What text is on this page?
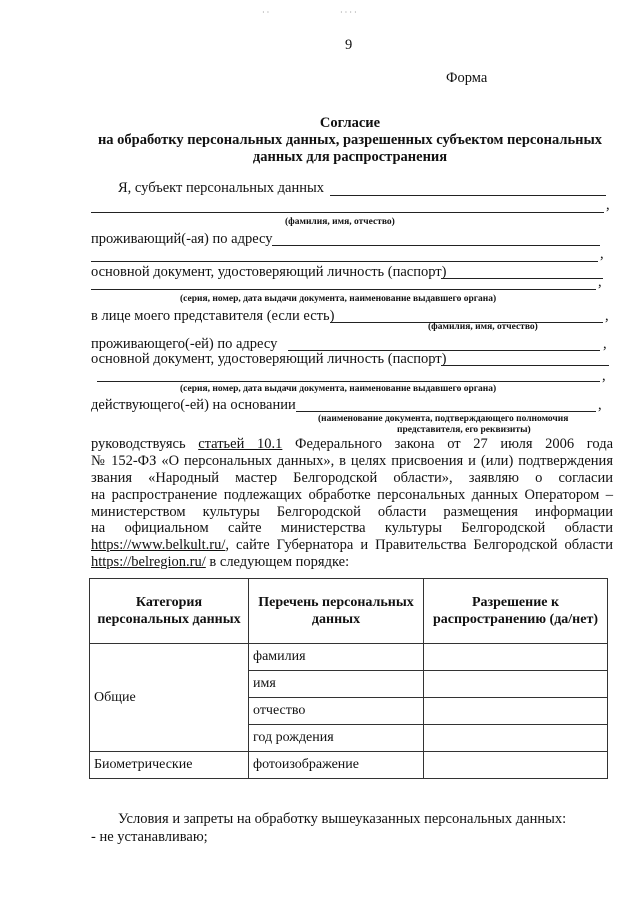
· ·	· · · ·
9
Форма
Согласие
на обработку персональных данных, разрешенных субъектом персональных
данных для распространения
Я, субъект персональных данных
,
(фамилия, имя, отчество)
проживающий(-ая) по адресу
,
основной документ, удостоверяющий личность (паспорт)
,
(серия, номер, дата выдачи документа, наименование выдавшего органа)
в лице моего представителя (если есть)	,
(фамилия, имя, отчество)
проживающего(-ей) по адресу	,
основной документ, удостоверяющий личность (паспорт)
,
(серия, номер, дата выдачи документа, наименование выдавшего органа)
действующего(-ей) на основании	,
(наименование документа, подтверждающего полномочия
представителя, его реквизиты)
руководствуясь статьей 10.1 Федерального закона от 27 июля 2006 года
№ 152-ФЗ «О персональных данных», в целях присвоения и (или) подтверждения
звания «Народный мастер Белгородской области», заявляю о согласии
на распространение подлежащих обработке персональных данных Оператором –
министерством культуры Белгородской области размещения информации
на официальном сайте министерства культуры Белгородской области
https://www.belkult.ru/, сайте Губернатора и Правительства Белгородской области
https://belregion.ru/ в следующем порядке:
Категория персональных данных	Перечень персональных данных	Разрешение к распространению (да/нет)
Общие	фамилия	
	имя	
	отчество	
	год рождения	
Биометрические	фотоизображение	
Условия и запреты на обработку вышеуказанных персональных данных:
- не устанавливаю;
